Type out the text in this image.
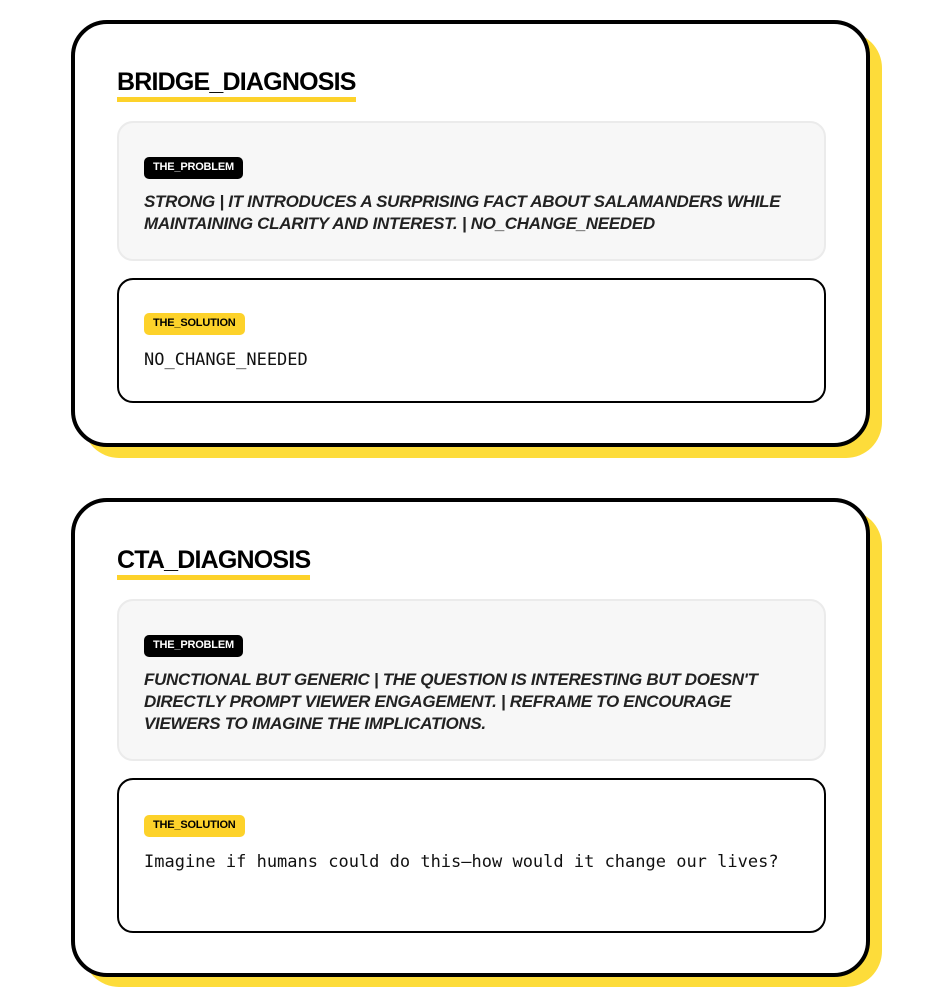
BRIDGE_DIAGNOSIS
THE_PROBLEM

STRONG | IT INTRODUCES A SURPRISING FACT ABOUT SALAMANDERS WHILE MAINTAINING CLARITY AND INTEREST. | NO_CHANGE_NEEDED

THE_SOLUTION

NO_CHANGE_NEEDED

CTA_DIAGNOSIS
THE_PROBLEM

FUNCTIONAL BUT GENERIC | THE QUESTION IS INTERESTING BUT DOESN'T DIRECTLY PROMPT VIEWER ENGAGEMENT. | REFRAME TO ENCOURAGE VIEWERS TO IMAGINE THE IMPLICATIONS.

THE_SOLUTION

Imagine if humans could do this—how would it change our lives?
